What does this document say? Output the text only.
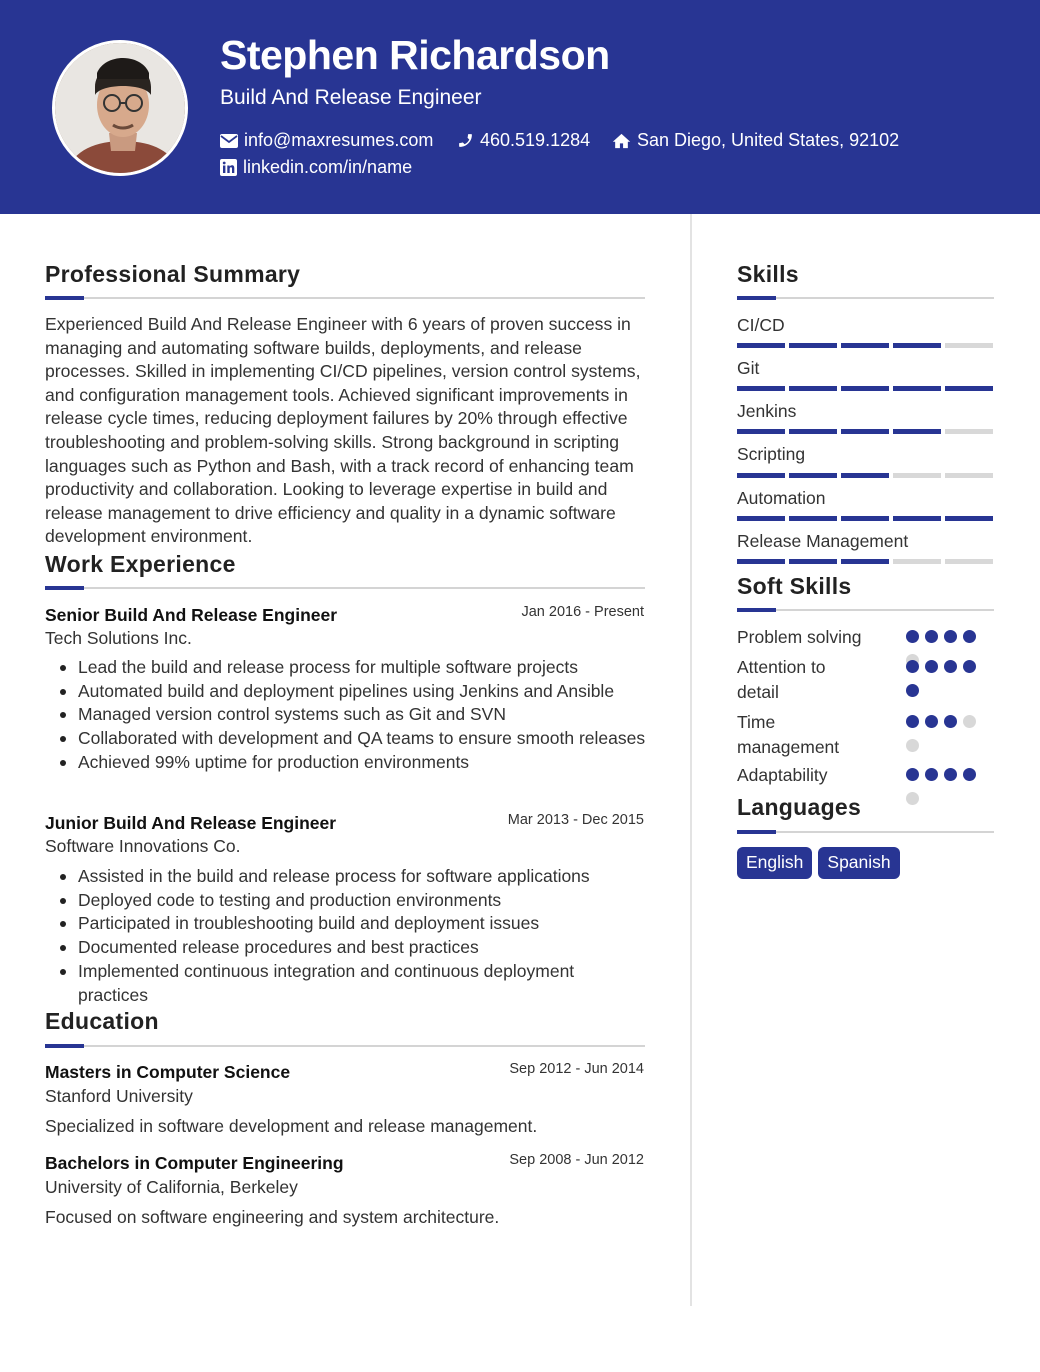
Stephen Richardson
Build And Release Engineer
info@maxresumes.com	460.519.1284	San Diego, United States, 92102
linkedin.com/in/name
Professional Summary
Experienced Build And Release Engineer with 6 years of proven success in managing and automating software builds, deployments, and release processes. Skilled in implementing CI/CD pipelines, version control systems, and configuration management tools. Achieved significant improvements in release cycle times, reducing deployment failures by 20% through effective troubleshooting and problem-solving skills. Strong background in scripting languages such as Python and Bash, with a track record of enhancing team productivity and collaboration. Looking to leverage expertise in build and release management to drive efficiency and quality in a dynamic software development environment.
Work Experience
Senior Build And Release Engineer	Jan 2016 - Present
Tech Solutions Inc.
Lead the build and release process for multiple software projects
Automated build and deployment pipelines using Jenkins and Ansible
Managed version control systems such as Git and SVN
Collaborated with development and QA teams to ensure smooth releases
Achieved 99% uptime for production environments
Junior Build And Release Engineer	Mar 2013 - Dec 2015
Software Innovations Co.
Assisted in the build and release process for software applications
Deployed code to testing and production environments
Participated in troubleshooting build and deployment issues
Documented release procedures and best practices
Implemented continuous integration and continuous deployment practices
Education
Masters in Computer Science	Sep 2012 - Jun 2014
Stanford University
Specialized in software development and release management.
Bachelors in Computer Engineering	Sep 2008 - Jun 2012
University of California, Berkeley
Focused on software engineering and system architecture.
Skills
CI/CD
Git
Jenkins
Scripting
Automation
Release Management
Soft Skills
Problem solving
Attention to detail
Time management
Adaptability
Languages
English	Spanish
